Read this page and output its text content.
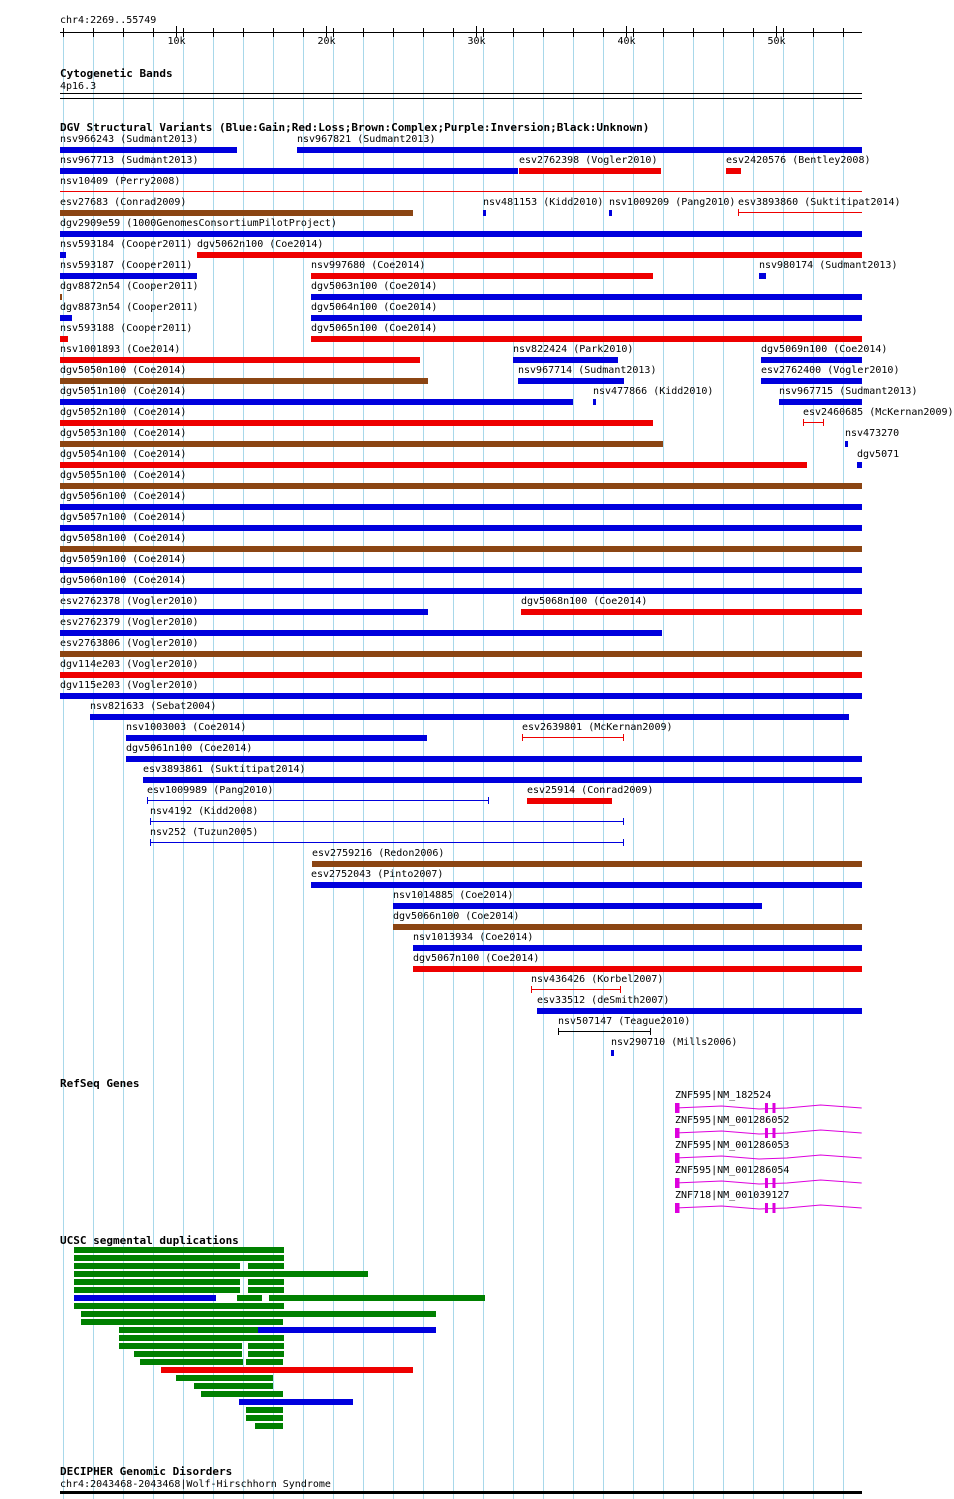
chr4:2269..55749
10k	20k	30k	40k	50k
Cytogenetic Bands
4p16.3
DGV Structural Variants (Blue:Gain;Red:Loss;Brown:Complex;Purple:Inversion;Black:Unknown)
nsv966243 (Sudmant2013)	nsv967821 (Sudmant2013)
nsv967713 (Sudmant2013)	esv2762398 (Vogler2010)	esv2420576 (Bentley2008)
nsv10409 (Perry2008)
esv27683 (Conrad2009)	nsv481153 (Kidd2010) nsv1009209 (Pang2010) esv3893860 (Suktitipat2014)
dgv2909e59 (1000GenomesConsortiumPilotProject)
nsv593184 (Cooper2011) dgv5062n100 (Coe2014)
nsv593187 (Cooper2011)	nsv997680 (Coe2014)	nsv980174 (Sudmant2013)
dgv8872n54 (Cooper2011)	dgv5063n100 (Coe2014)
dgv8873n54 (Cooper2011)	dgv5064n100 (Coe2014)
nsv593188 (Cooper2011)	dgv5065n100 (Coe2014)
nsv1001893 (Coe2014)	nsv822424 (Park2010)	dgv5069n100 (Coe2014)
dgv5050n100 (Coe2014)	nsv967714 (Sudmant2013)	esv2762400 (Vogler2010)
dgv5051n100 (Coe2014)	nsv477866 (Kidd2010)	nsv967715 (Sudmant2013)
dgv5052n100 (Coe2014)	esv2460685 (McKernan2009)
dgv5053n100 (Coe2014)	nsv473270
dgv5054n100 (Coe2014)	dgv5071
dgv5055n100 (Coe2014)
dgv5056n100 (Coe2014)
dgv5057n100 (Coe2014)
dgv5058n100 (Coe2014)
dgv5059n100 (Coe2014)
dgv5060n100 (Coe2014)
esv2762378 (Vogler2010)	dgv5068n100 (Coe2014)
esv2762379 (Vogler2010)
esv2763806 (Vogler2010)
dgv114e203 (Vogler2010)
dgv115e203 (Vogler2010)
nsv821633 (Sebat2004)
nsv1003003 (Coe2014)	esv2639801 (McKernan2009)
dgv5061n100 (Coe2014)
esv3893861 (Suktitipat2014)
esv1009989 (Pang2010)	esv25914 (Conrad2009)
nsv4192 (Kidd2008)
nsv252 (Tuzun2005)
esv2759216 (Redon2006)
esv2752043 (Pinto2007)
nsv1014885 (Coe2014)
dgv5066n100 (Coe2014)
nsv1013934 (Coe2014)
dgv5067n100 (Coe2014)
nsv436426 (Korbel2007)
esv33512 (deSmith2007)
nsv507147 (Teague2010)
nsv290710 (Mills2006)
RefSeq Genes
ZNF595|NM_182524
ZNF595|NM_001286052
ZNF595|NM_001286053
ZNF595|NM_001286054
ZNF718|NM_001039127
UCSC segmental duplications
DECIPHER Genomic Disorders
chr4:2043468-2043468|Wolf-Hirschhorn Syndrome
